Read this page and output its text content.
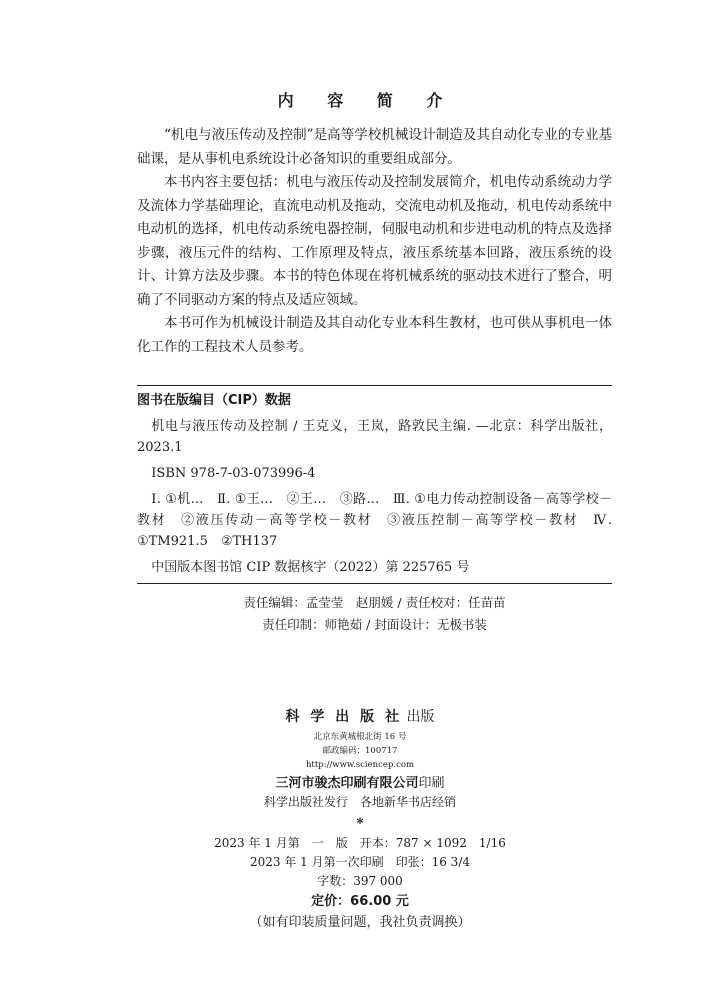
内 容 简 介

“机电与液压传动及控制”是高等学校机械设计制造及其自动化专业的专业基础课，是从事机电系统设计必备知识的重要组成部分。

本书内容主要包括：机电与液压传动及控制发展简介，机电传动系统动力学及流体力学基础理论，直流电动机及拖动，交流电动机及拖动，机电传动系统中电动机的选择，机电传动系统电器控制，伺服电动机和步进电动机的特点及选择步骤，液压元件的结构、工作原理及特点，液压系统基本回路，液压系统的设计、计算方法及步骤。本书的特色体现在将机械系统的驱动技术进行了整合，明确了不同驱动方案的特点及适应领域。

本书可作为机械设计制造及其自动化专业本科生教材，也可供从事机电一体化工作的工程技术人员参考。

图书在版编目（CIP）数据

机电与液压传动及控制 / 王克义，王岚，路敦民主编. —北京：科学出版社，2023.1

ISBN 978-7-03-073996-4

Ⅰ. ①机…　Ⅱ. ①王…　②王…　③路…　Ⅲ. ①电力传动控制设备－高等学校－教材　②液压传动－高等学校－教材　③液压控制－高等学校－教材　Ⅳ. ①TM921.5　②TH137

中国版本图书馆 CIP 数据核字（2022）第 225765 号

责任编辑：孟莹莹　赵朋媛 / 责任校对：任苗苗
责任印制：师艳茹 / 封面设计：无极书装
科 学 出 版 社 出版
北京东黄城根北街 16 号
邮政编码：100717
http://www.sciencep.com
三河市骏杰印刷有限公司印刷
科学出版社发行　各地新华书店经销
*
2023 年 1 月第　一　版　开本：787 × 1092　1/16
2023 年 1 月第一次印刷　印张：16 3/4
字数：397 000
定价：66.00 元
（如有印装质量问题，我社负责调换）
